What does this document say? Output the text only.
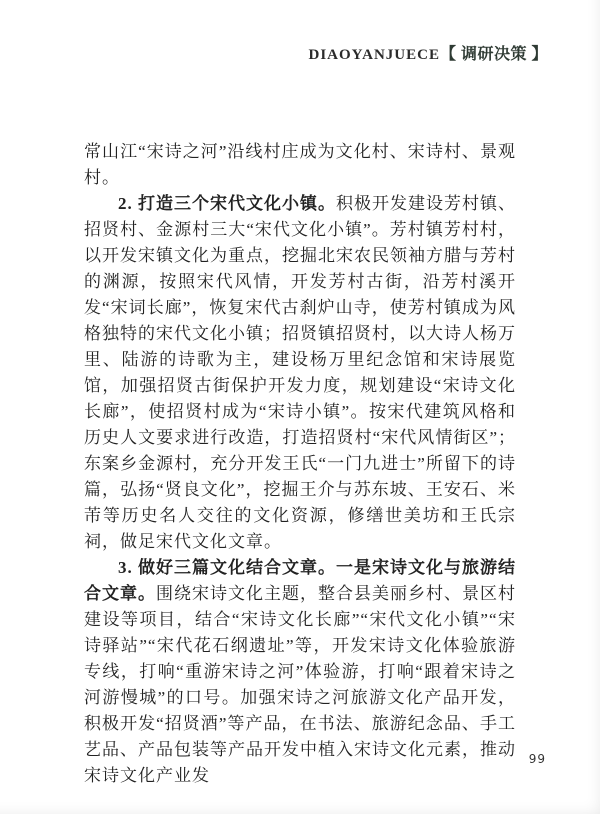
DIAOYANJUECE【 调研决策 】

常山江“宋诗之河”沿线村庄成为文化村、宋诗村、景观村。

2. 打造三个宋代文化小镇。积极开发建设芳村镇、招贤村、金源村三大“宋代文化小镇”。芳村镇芳村村，以开发宋镇文化为重点，挖掘北宋农民领袖方腊与芳村的渊源，按照宋代风情，开发芳村古街，沿芳村溪开发“宋词长廊”，恢复宋代古刹炉山寺，使芳村镇成为风格独特的宋代文化小镇；招贤镇招贤村，以大诗人杨万里、陆游的诗歌为主，建设杨万里纪念馆和宋诗展览馆，加强招贤古街保护开发力度，规划建设“宋诗文化长廊”，使招贤村成为“宋诗小镇”。按宋代建筑风格和历史人文要求进行改造，打造招贤村“宋代风情街区”；东案乡金源村，充分开发王氏“一门九进士”所留下的诗篇，弘扬“贤良文化”，挖掘王介与苏东坡、王安石、米芾等历史名人交往的文化资源，修缮世美坊和王氏宗祠，做足宋代文化文章。

3. 做好三篇文化结合文章。一是宋诗文化与旅游结合文章。围绕宋诗文化主题，整合县美丽乡村、景区村建设等项目，结合“宋诗文化长廊”“宋代文化小镇”“宋诗驿站”“宋代花石纲遗址”等，开发宋诗文化体验旅游专线，打响“重游宋诗之河”体验游，打响“跟着宋诗之河游慢城”的口号。加强宋诗之河旅游文化产品开发，积极开发“招贤酒”等产品，在书法、旅游纪念品、手工艺品、产品包装等产品开发中植入宋诗文化元素，推动宋诗文化产业发

99
